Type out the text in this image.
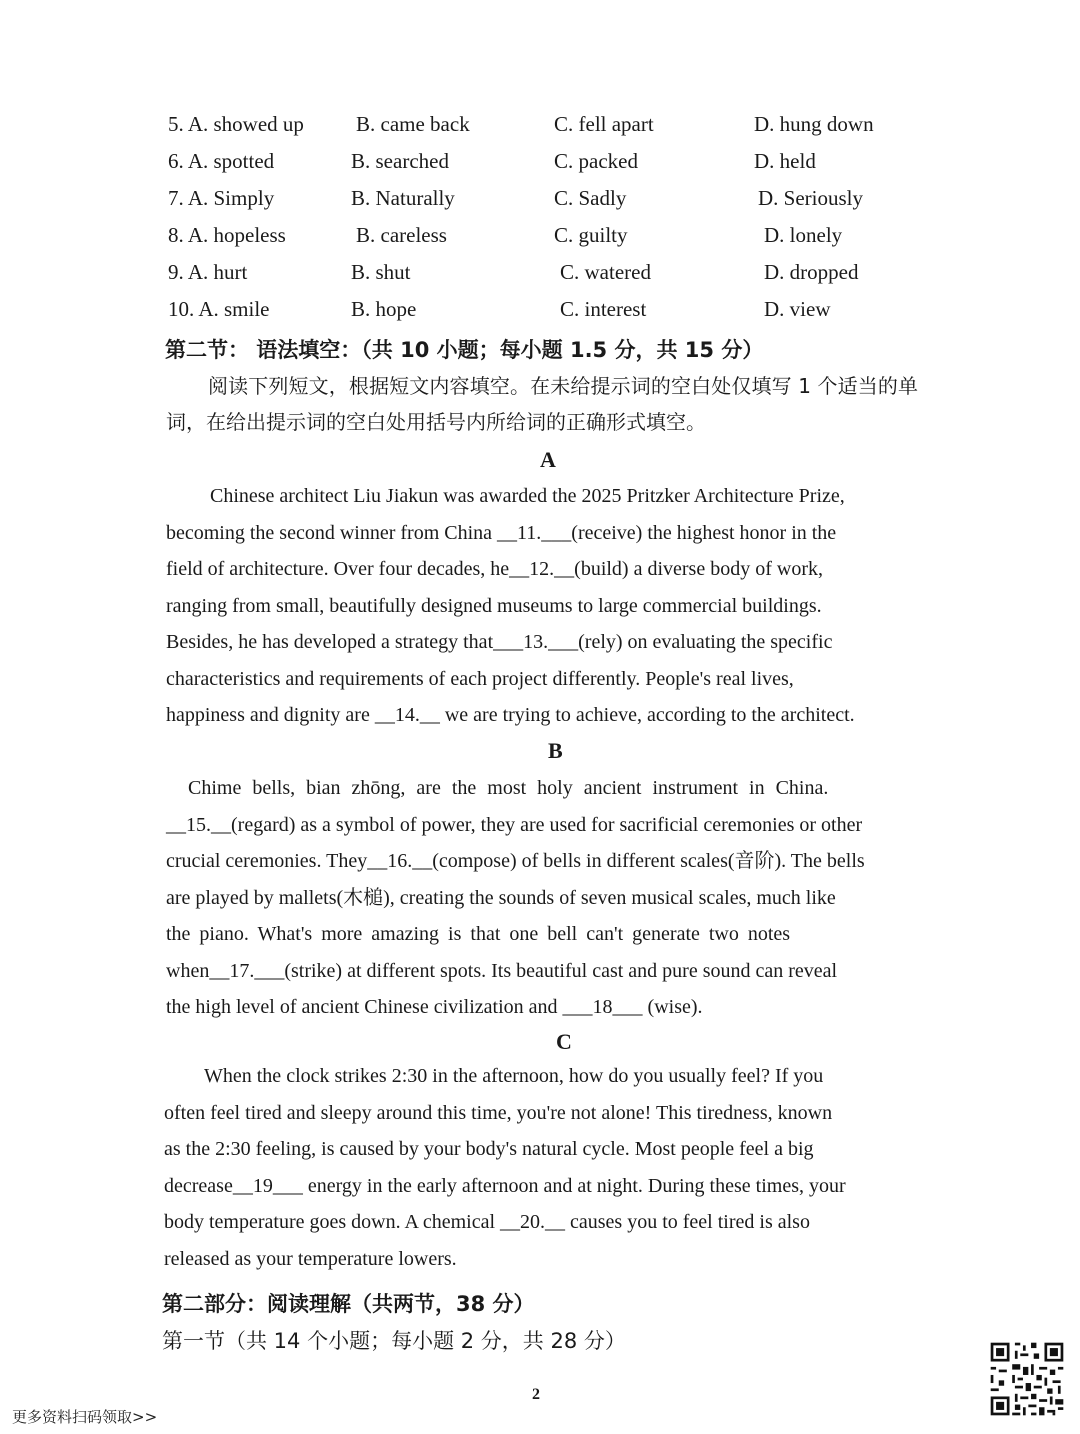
5. A. showed up B. came back	C. fell apart	D. hung down
6. A. spotted	B. searched	C. packed	D. held
7. A. Simply	B. Naturally	C. Sadly	D. Seriously
8. A. hopeless	B. careless	C. guilty	D. lonely
9. A. hurt	B. shut	C. watered	D. dropped
10. A. smile	B. hope	C. interest	D. view
第二节： 语法填空：（共 10 小题；每小题 1.5 分，共 15 分）
阅读下列短文，根据短文内容填空。在未给提示词的空白处仅填写 1 个适当的单词，在给出提示词的空白处用括号内所给词的正确形式填空。
A
Chinese architect Liu Jiakun was awarded the 2025 Pritzker Architecture Prize,
becoming the second winner from China __11.___(receive) the highest honor in the
field of architecture. Over four decades, he__12.__(build) a diverse body of work,
ranging from small, beautifully designed museums to large commercial buildings.
Besides, he has developed a strategy that___13.___(rely) on evaluating the specific
characteristics and requirements of each project differently. People's real lives,
happiness and dignity are __14.__ we are trying to achieve, according to the architect.
B
Chime bells, bian zhōng, are the most holy ancient instrument in China.
__15.__(regard) as a symbol of power, they are used for sacrificial ceremonies or other
crucial ceremonies. They__16.__(compose) of bells in different scales(音阶). The bells
are played by mallets(木槌), creating the sounds of seven musical scales, much like
the piano. What's more amazing is that one bell can't generate two notes
when__17.___(strike) at different spots. Its beautiful cast and pure sound can reveal
the high level of ancient Chinese civilization and ___18___ (wise).
C
When the clock strikes 2:30 in the afternoon, how do you usually feel? If you
often feel tired and sleepy around this time, you're not alone! This tiredness, known
as the 2:30 feeling, is caused by your body's natural cycle. Most people feel a big
decrease__19___ energy in the early afternoon and at night. During these times, your
body temperature goes down. A chemical __20.__ causes you to feel tired is also
released as your temperature lowers.
第二部分：阅读理解（共两节，38 分）
第一节（共 14 个小题；每小题 2 分，共 28 分）
2
更多资料扫码领取>>
